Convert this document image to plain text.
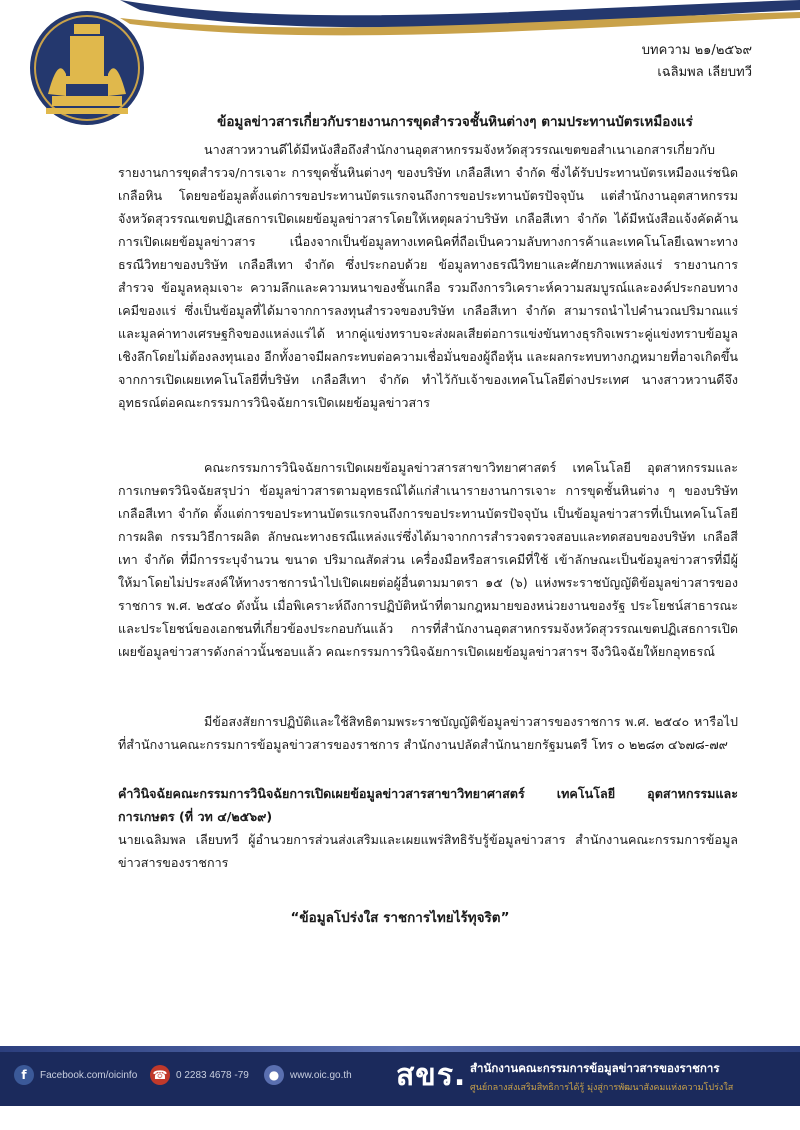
บทความ ๒๑/๒๕๖๙
เฉลิมพล เลียบทวี
ข้อมูลข่าวสารเกี่ยวกับรายงานการขุดสำรวจชั้นหินต่างๆ ตามประทานบัตรเหมืองแร่
นางสาวหวานดีได้มีหนังสือถึงสำนักงานอุตสาหกรรมจังหวัดสุวรรณเขตขอสำเนาเอกสารเกี่ยวกับรายงานการขุดสำรวจ/การเจาะ การขุดชั้นหินต่างๆ ของบริษัท เกลือสีเทา จำกัด ซึ่งได้รับประทานบัตรเหมืองแร่ชนิดเกลือหิน โดยขอข้อมูลตั้งแต่การขอประทานบัตรแรกจนถึงการขอประทานบัตรปัจจุบัน แต่สำนักงานอุตสาหกรรมจังหวัดสุวรรณเขตปฏิเสธการเปิดเผยข้อมูลข่าวสารโดยให้เหตุผลว่าบริษัท เกลือสีเทา จำกัด ได้มีหนังสือแจ้งคัดค้านการเปิดเผยข้อมูลข่าวสาร เนื่องจากเป็นข้อมูลทางเทคนิคที่ถือเป็นความลับทางการค้าและเทคโนโลยีเฉพาะทางธรณีวิทยาของบริษัท เกลือสีเทา จำกัด ซึ่งประกอบด้วย ข้อมูลทางธรณีวิทยาและศักยภาพแหล่งแร่ รายงานการสำรวจ ข้อมูลหลุมเจาะ ความลึกและความหนาของชั้นเกลือ รวมถึงการวิเคราะห์ความสมบูรณ์และองค์ประกอบทางเคมีของแร่ ซึ่งเป็นข้อมูลที่ได้มาจากการลงทุนสำรวจของบริษัท เกลือสีเทา จำกัด สามารถนำไปคำนวณปริมาณแร่และมูลค่าทางเศรษฐกิจของแหล่งแร่ได้ หากคู่แข่งทราบจะส่งผลเสียต่อการแข่งขันทางธุรกิจเพราะคู่แข่งทราบข้อมูลเชิงลึกโดยไม่ต้องลงทุนเอง อีกทั้งอาจมีผลกระทบต่อความเชื่อมั่นของผู้ถือหุ้น และผลกระทบทางกฎหมายที่อาจเกิดขึ้นจากการเปิดเผยเทคโนโลยีที่บริษัท เกลือสีเทา จำกัด ทำไว้กับเจ้าของเทคโนโลยีต่างประเทศ นางสาวหวานดีจึงอุทธรณ์ต่อคณะกรรมการวินิจฉัยการเปิดเผยข้อมูลข่าวสาร
คณะกรรมการวินิจฉัยการเปิดเผยข้อมูลข่าวสารสาขาวิทยาศาสตร์ เทคโนโลยี อุตสาหกรรมและการเกษตรวินิจฉัยสรุปว่า ข้อมูลข่าวสารตามอุทธรณ์ได้แก่สำเนารายงานการเจาะ การขุดชั้นหินต่าง ๆ ของบริษัท เกลือสีเทา จำกัด ตั้งแต่การขอประทานบัตรแรกจนถึงการขอประทานบัตรปัจจุบัน เป็นข้อมูลข่าวสารที่เป็นเทคโนโลยีการผลิต กรรมวิธีการผลิต ลักษณะทางธรณีแหล่งแร่ซึ่งได้มาจากการสำรวจตรวจสอบและทดสอบของบริษัท เกลือสีเทา จำกัด ที่มีการระบุจำนวน ขนาด ปริมาณสัดส่วน เครื่องมือหรือสารเคมีที่ใช้ เข้าลักษณะเป็นข้อมูลข่าวสารที่มีผู้ให้มาโดยไม่ประสงค์ให้ทางราชการนำไปเปิดเผยต่อผู้อื่นตามมาตรา ๑๕ (๖) แห่งพระราชบัญญัติข้อมูลข่าวสารของราชการ พ.ศ. ๒๕๔๐ ดังนั้น เมื่อพิเคราะห์ถึงการปฏิบัติหน้าที่ตามกฎหมายของหน่วยงานของรัฐ ประโยชน์สาธารณะ และประโยชน์ของเอกชนที่เกี่ยวข้องประกอบกันแล้ว การที่สำนักงานอุตสาหกรรมจังหวัดสุวรรณเขตปฏิเสธการเปิดเผยข้อมูลข่าวสารดังกล่าวนั้นชอบแล้ว คณะกรรมการวินิจฉัยการเปิดเผยข้อมูลข่าวสารฯ จึงวินิจฉัยให้ยกอุทธรณ์
มีข้อสงสัยการปฏิบัติและใช้สิทธิตามพระราชบัญญัติข้อมูลข่าวสารของราชการ พ.ศ. ๒๕๔๐ หารือไปที่สำนักงานคณะกรรมการข้อมูลข่าวสารของราชการ สำนักงานปลัดสำนักนายกรัฐมนตรี โทร ๐ ๒๒๘๓ ๔๖๗๘-๗๙
คำวินิจฉัยคณะกรรมการวินิจฉัยการเปิดเผยข้อมูลข่าวสารสาขาวิทยาศาสตร์ เทคโนโลยี อุตสาหกรรมและการเกษตร (ที่ วท ๔/๒๕๖๙)
นายเฉลิมพล เลียบทวี ผู้อำนวยการส่วนส่งเสริมและเผยแพร่สิทธิรับรู้ข้อมูลข่าวสาร สำนักงานคณะกรรมการข้อมูลข่าวสารของราชการ
“ข้อมูลโปร่งใส ราชการไทยไร้ทุจริต”
f	Facebook.com/oicinfo ☎ 0 2283 4678 -79	●	www.oic.go.th สขร. สำนักงานคณะกรรมการข้อมูลข่าวสารของราชการ
ศูนย์กลางส่งเสริมสิทธิการได้รู้ มุ่งสู่การพัฒนาสังคมแห่งความโปร่งใส
